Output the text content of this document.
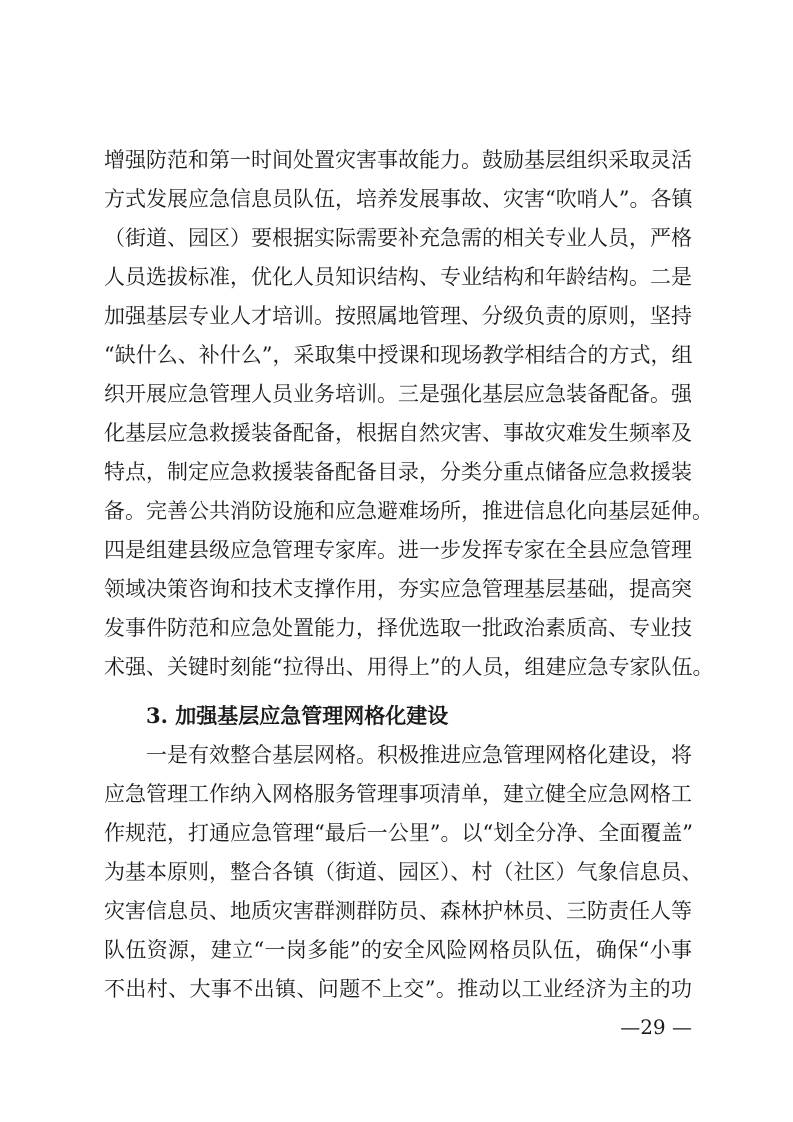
增强防范和第一时间处置灾害事故能力。鼓励基层组织采取灵活
方式发展应急信息员队伍，培养发展事故、灾害“吹哨人”。各镇
（街道、园区）要根据实际需要补充急需的相关专业人员，严格
人员选拔标准，优化人员知识结构、专业结构和年龄结构。二是
加强基层专业人才培训。按照属地管理、分级负责的原则，坚持
“缺什么、补什么”，采取集中授课和现场教学相结合的方式，组
织开展应急管理人员业务培训。三是强化基层应急装备配备。强
化基层应急救援装备配备，根据自然灾害、事故灾难发生频率及
特点，制定应急救援装备配备目录，分类分重点储备应急救援装
备。完善公共消防设施和应急避难场所，推进信息化向基层延伸。
四是组建县级应急管理专家库。进一步发挥专家在全县应急管理
领域决策咨询和技术支撑作用，夯实应急管理基层基础，提高突
发事件防范和应急处置能力，择优选取一批政治素质高、专业技
术强、关键时刻能“拉得出、用得上”的人员，组建应急专家队伍。
3. 加强基层应急管理网格化建设
一是有效整合基层网格。积极推进应急管理网格化建设，将
应急管理工作纳入网格服务管理事项清单，建立健全应急网格工
作规范，打通应急管理“最后一公里”。以“划全分净、全面覆盖”
为基本原则，整合各镇（街道、园区）、村（社区）气象信息员、
灾害信息员、地质灾害群测群防员、森林护林员、三防责任人等
队伍资源，建立“一岗多能”的安全风险网格员队伍，确保“小事
不出村、大事不出镇、问题不上交”。推动以工业经济为主的功
—29 —
